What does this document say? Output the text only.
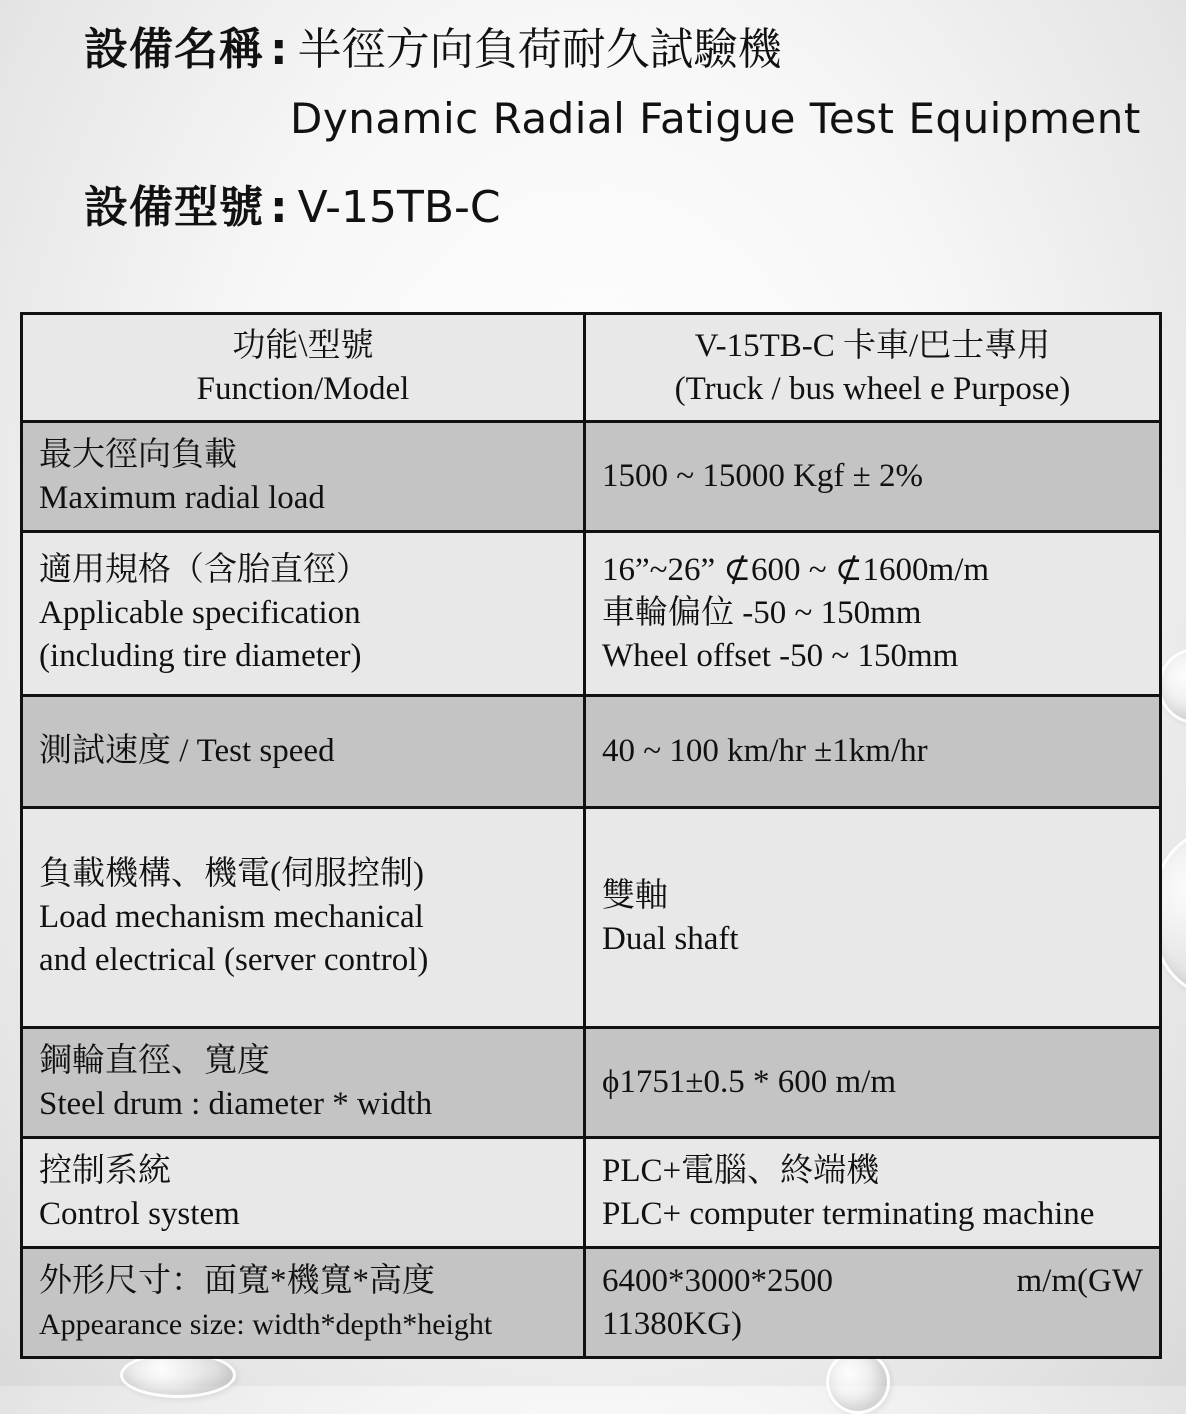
設備名稱 : 半徑方向負荷耐久試驗機
Dynamic Radial Fatigue Test Equipment
設備型號 : V-15TB-C
功能\型號
Function/Model	V-15TB-C 卡車/巴士專用
(Truck / bus wheel e Purpose)

最大徑向負載
Maximum radial load	1500 ~ 15000 Kgf ± 2%

適用規格（含胎直徑）
Applicable specification
(including tire diameter)	16”~26” ⊄600 ~ ⊄1600m/m
車輪偏位 -50 ~ 150mm
Wheel offset -50 ~ 150mm

測試速度 / Test speed	40 ~ 100 km/hr ±1km/hr

負載機構、機電(伺服控制)
Load mechanism mechanical
and electrical (server control)	雙軸
Dual shaft

鋼輪直徑、寬度
Steel drum : diameter * width	ϕ1751±0.5 * 600 m/m

控制系統
Control system	PLC+電腦、終端機
PLC+ computer terminating machine

外形尺寸：面寬*機寬*高度
Appearance size: width*depth*height	6400*3000*2500 m/m(GW
11380KG)
